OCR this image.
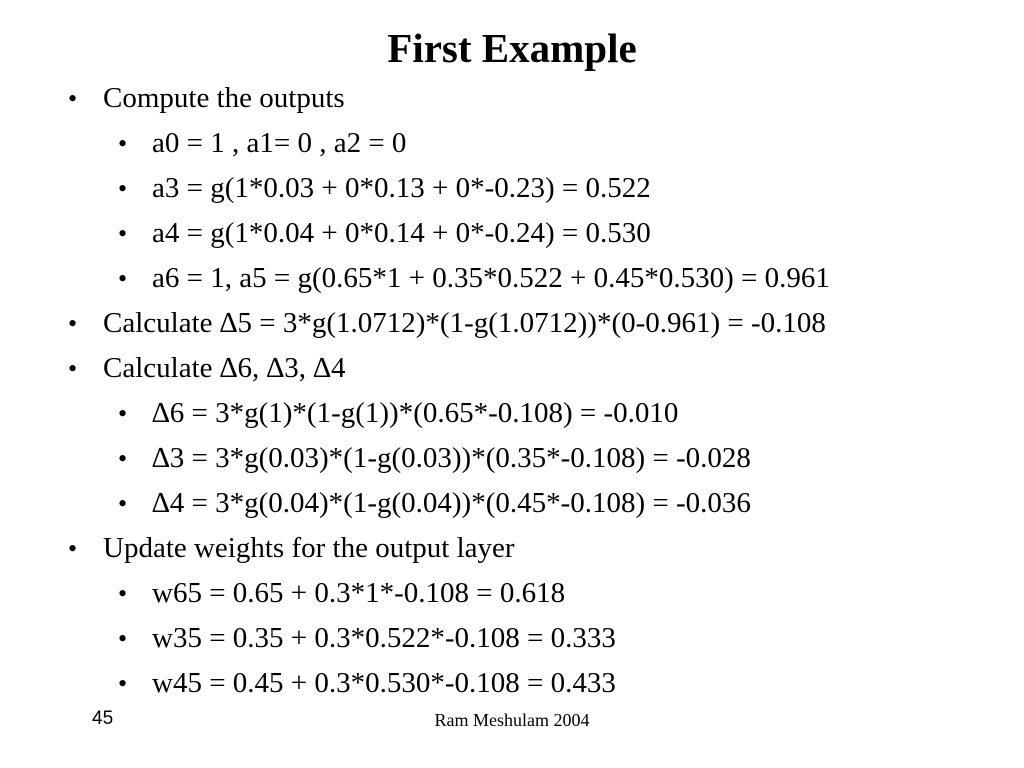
First Example
• Compute the outputs
• a0 = 1 , a1= 0 , a2 = 0
• a3 = g(1*0.03 + 0*0.13 + 0*-0.23) = 0.522
• a4 = g(1*0.04 + 0*0.14 + 0*-0.24) = 0.530
• a6 = 1, a5 = g(0.65*1 + 0.35*0.522 + 0.45*0.530) = 0.961
• Calculate ∆5 = 3*g(1.0712)*(1-g(1.0712))*(0-0.961) = -0.108
• Calculate ∆6, ∆3, ∆4
• ∆6 = 3*g(1)*(1-g(1))*(0.65*-0.108) = -0.010
• ∆3 = 3*g(0.03)*(1-g(0.03))*(0.35*-0.108) = -0.028
• ∆4 = 3*g(0.04)*(1-g(0.04))*(0.45*-0.108) = -0.036
• Update weights for the output layer
• w65 = 0.65 + 0.3*1*-0.108 = 0.618
• w35 = 0.35 + 0.3*0.522*-0.108 = 0.333
• w45 = 0.45 + 0.3*0.530*-0.108 = 0.433
45	Ram Meshulam 2004
